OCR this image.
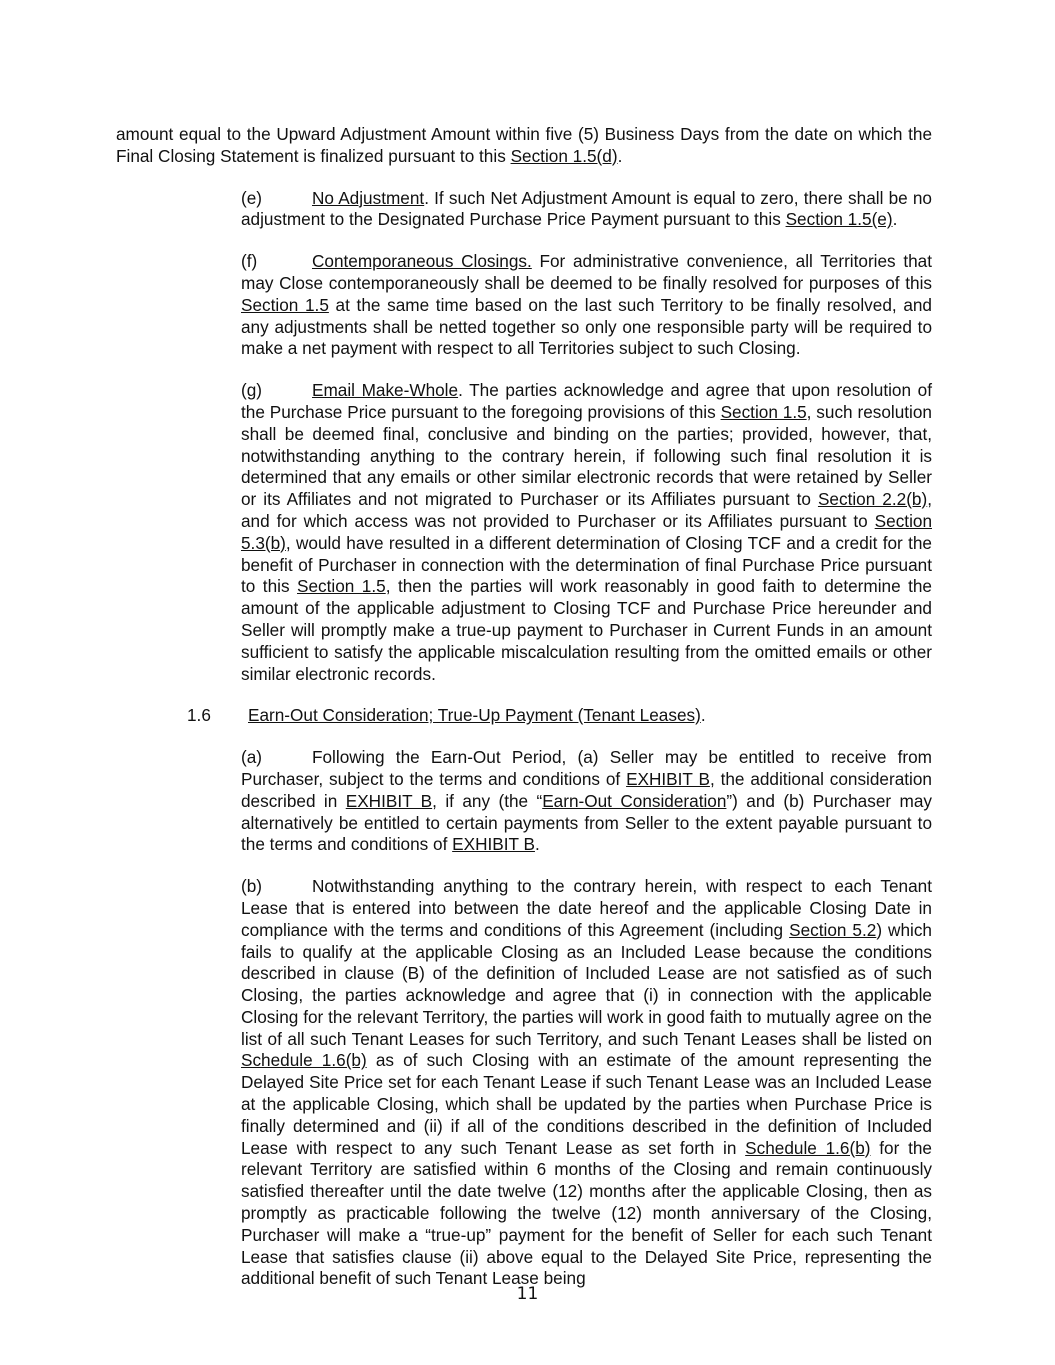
amount equal to the Upward Adjustment Amount within five (5) Business Days from the date on which the Final Closing Statement is finalized pursuant to this Section 1.5(d).

(e)	No Adjustment. If such Net Adjustment Amount is equal to zero, there shall be no adjustment to the Designated Purchase Price Payment pursuant to this Section 1.5(e).

(f)	Contemporaneous Closings. For administrative convenience, all Territories that may Close contemporaneously shall be deemed to be finally resolved for purposes of this Section 1.5 at the same time based on the last such Territory to be finally resolved, and any adjustments shall be netted together so only one responsible party will be required to make a net payment with respect to all Territories subject to such Closing.

(g)	Email Make-Whole. The parties acknowledge and agree that upon resolution of the Purchase Price pursuant to the foregoing provisions of this Section 1.5, such resolution shall be deemed final, conclusive and binding on the parties; provided, however, that, notwithstanding anything to the contrary herein, if following such final resolution it is determined that any emails or other similar electronic records that were retained by Seller or its Affiliates and not migrated to Purchaser or its Affiliates pursuant to Section 2.2(b), and for which access was not provided to Purchaser or its Affiliates pursuant to Section 5.3(b), would have resulted in a different determination of Closing TCF and a credit for the benefit of Purchaser in connection with the determination of final Purchase Price pursuant to this Section 1.5, then the parties will work reasonably in good faith to determine the amount of the applicable adjustment to Closing TCF and Purchase Price hereunder and Seller will promptly make a true-up payment to Purchaser in Current Funds in an amount sufficient to satisfy the applicable miscalculation resulting from the omitted emails or other similar electronic records.

1.6 Earn-Out Consideration; True-Up Payment (Tenant Leases).

(a)	Following the Earn-Out Period, (a) Seller may be entitled to receive from Purchaser, subject to the terms and conditions of EXHIBIT B, the additional consideration described in EXHIBIT B, if any (the “Earn-Out Consideration”) and (b) Purchaser may alternatively be entitled to certain payments from Seller to the extent payable pursuant to the terms and conditions of EXHIBIT B.

(b)	Notwithstanding anything to the contrary herein, with respect to each Tenant Lease that is entered into between the date hereof and the applicable Closing Date in compliance with the terms and conditions of this Agreement (including Section 5.2) which fails to qualify at the applicable Closing as an Included Lease because the conditions described in clause (B) of the definition of Included Lease are not satisfied as of such Closing, the parties acknowledge and agree that (i) in connection with the applicable Closing for the relevant Territory, the parties will work in good faith to mutually agree on the list of all such Tenant Leases for such Territory, and such Tenant Leases shall be listed on Schedule 1.6(b) as of such Closing with an estimate of the amount representing the Delayed Site Price set for each Tenant Lease if such Tenant Lease was an Included Lease at the applicable Closing, which shall be updated by the parties when Purchase Price is finally determined and (ii) if all of the conditions described in the definition of Included Lease with respect to any such Tenant Lease as set forth in Schedule 1.6(b) for the relevant Territory are satisfied within 6 months of the Closing and remain continuously satisfied thereafter until the date twelve (12) months after the applicable Closing, then as promptly as practicable following the twelve (12) month anniversary of the Closing, Purchaser will make a “true-up” payment for the benefit of Seller for each such Tenant Lease that satisfies clause (ii) above equal to the Delayed Site Price, representing the additional benefit of such Tenant Lease being

11
